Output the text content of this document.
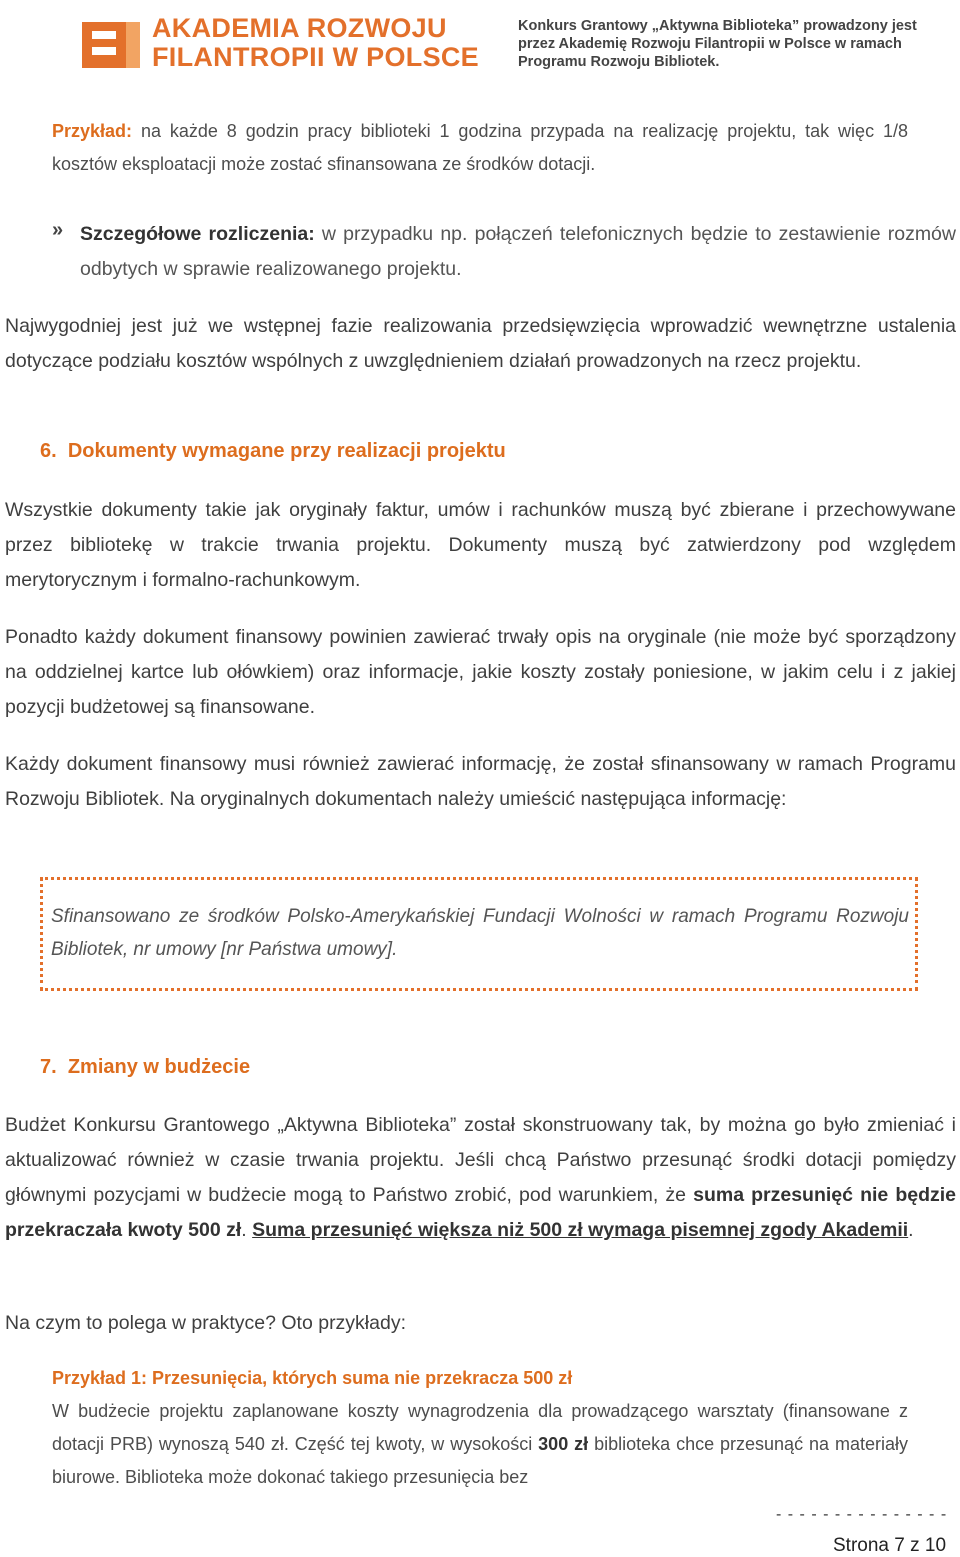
AKADEMIA ROZWOJU
FILANTROPII W POLSCE
Konkurs Grantowy „Aktywna Biblioteka” prowadzony jest
przez Akademię Rozwoju Filantropii w Polsce w ramach
Programu Rozwoju Bibliotek.
Przykład: na każde 8 godzin pracy biblioteki 1 godzina przypada na realizację projektu, tak więc 1/8 kosztów eksploatacji może zostać sfinansowana ze środków dotacji.
» Szczegółowe rozliczenia: w przypadku np. połączeń telefonicznych będzie to zestawienie rozmów odbytych w sprawie realizowanego projektu.
Najwygodniej jest już we wstępnej fazie realizowania przedsięwzięcia wprowadzić wewnętrzne ustalenia dotyczące podziału kosztów wspólnych z uwzględnieniem działań prowadzonych na rzecz projektu.
6. Dokumenty wymagane przy realizacji projektu
Wszystkie dokumenty takie jak oryginały faktur, umów i rachunków muszą być zbierane i przechowywane przez bibliotekę w trakcie trwania projektu. Dokumenty muszą być zatwierdzony pod względem merytorycznym i formalno-rachunkowym.
Ponadto każdy dokument finansowy powinien zawierać trwały opis na oryginale (nie może być sporządzony na oddzielnej kartce lub ołówkiem) oraz informacje, jakie koszty zostały poniesione, w jakim celu i z jakiej pozycji budżetowej są finansowane.
Każdy dokument finansowy musi również zawierać informację, że został sfinansowany w ramach Programu Rozwoju Bibliotek. Na oryginalnych dokumentach należy umieścić następująca informację:
Sfinansowano ze środków Polsko-Amerykańskiej Fundacji Wolności w ramach Programu Rozwoju Bibliotek, nr umowy [nr Państwa umowy].
7. Zmiany w budżecie
Budżet Konkursu Grantowego „Aktywna Biblioteka” został skonstruowany tak, by można go było zmieniać i aktualizować również w czasie trwania projektu. Jeśli chcą Państwo przesunąć środki dotacji pomiędzy głównymi pozycjami w budżecie mogą to Państwo zrobić, pod warunkiem, że suma przesunięć nie będzie przekraczała kwoty 500 zł. Suma przesunięć większa niż 500 zł wymaga pisemnej zgody Akademii.
Na czym to polega w praktyce? Oto przykłady:
Przykład 1: Przesunięcia, których suma nie przekracza 500 zł
W budżecie projektu zaplanowane koszty wynagrodzenia dla prowadzącego warsztaty (finansowane z dotacji PRB) wynoszą 540 zł. Część tej kwoty, w wysokości 300 zł biblioteka chce przesunąć na materiały biurowe. Biblioteka może dokonać takiego przesunięcia bez
- - - - - - - - - - - - - - -
Strona 7 z 10
